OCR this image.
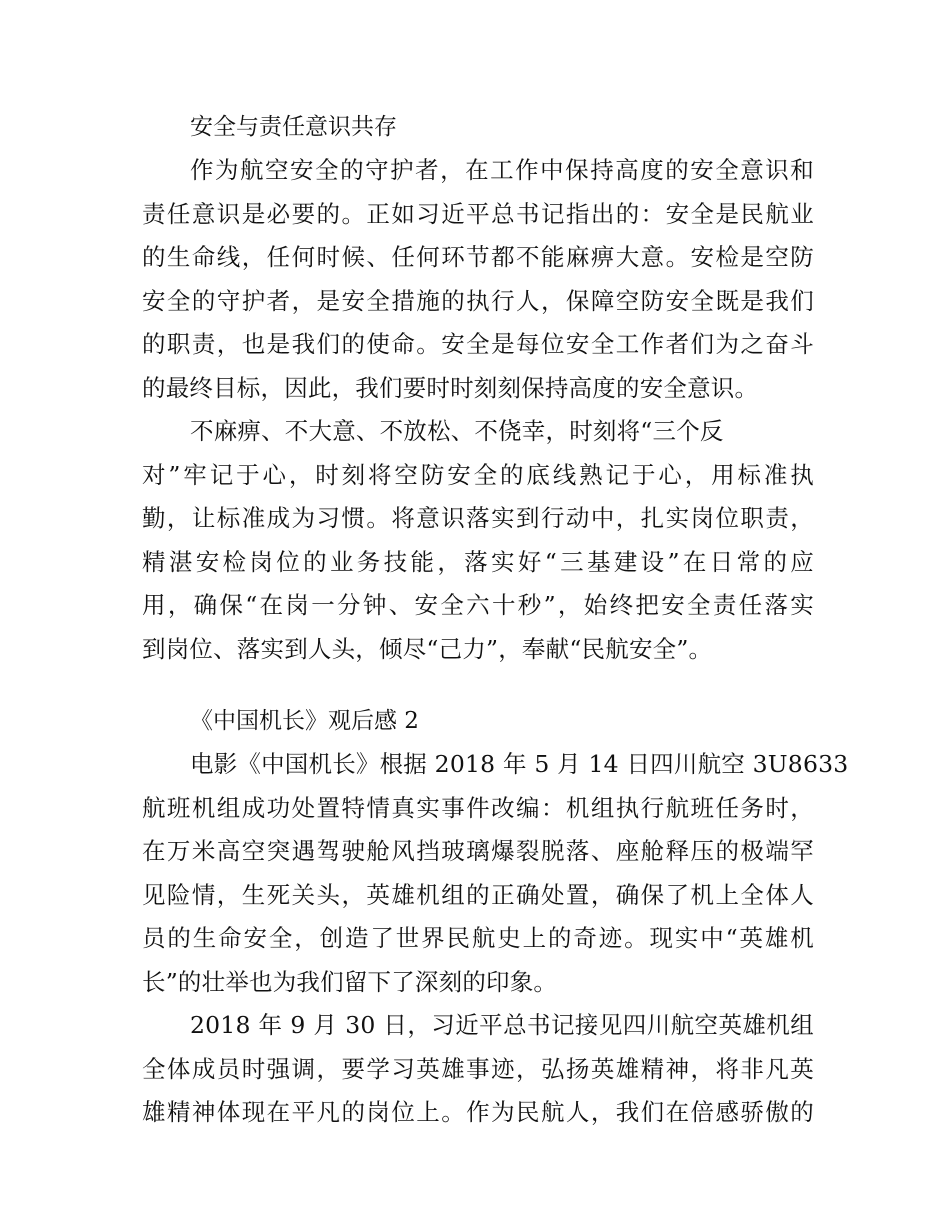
安全与责任意识共存
作为航空安全的守护者，在工作中保持高度的安全意识和
责任意识是必要的。正如习近平总书记指出的：安全是民航业
的生命线，任何时候、任何环节都不能麻痹大意。安检是空防
安全的守护者，是安全措施的执行人，保障空防安全既是我们
的职责，也是我们的使命。安全是每位安全工作者们为之奋斗
的最终目标，因此，我们要时时刻刻保持高度的安全意识。
不麻痹、不大意、不放松、不侥幸，时刻将“三个反
对”牢记于心，时刻将空防安全的底线熟记于心，用标准执
勤，让标准成为习惯。将意识落实到行动中，扎实岗位职责，
精湛安检岗位的业务技能，落实好“三基建设”在日常的应
用，确保“在岗一分钟、安全六十秒”，始终把安全责任落实
到岗位、落实到人头，倾尽“己力”，奉献“民航安全”。
《中国机长》观后感 2
电影《中国机长》根据 2018 年 5 月 14 日四川航空 3U8633
航班机组成功处置特情真实事件改编：机组执行航班任务时，
在万米高空突遇驾驶舱风挡玻璃爆裂脱落、座舱释压的极端罕
见险情，生死关头，英雄机组的正确处置，确保了机上全体人
员的生命安全，创造了世界民航史上的奇迹。现实中“英雄机
长”的壮举也为我们留下了深刻的印象。
2018 年 9 月 30 日，习近平总书记接见四川航空英雄机组
全体成员时强调，要学习英雄事迹，弘扬英雄精神，将非凡英
雄精神体现在平凡的岗位上。作为民航人，我们在倍感骄傲的
